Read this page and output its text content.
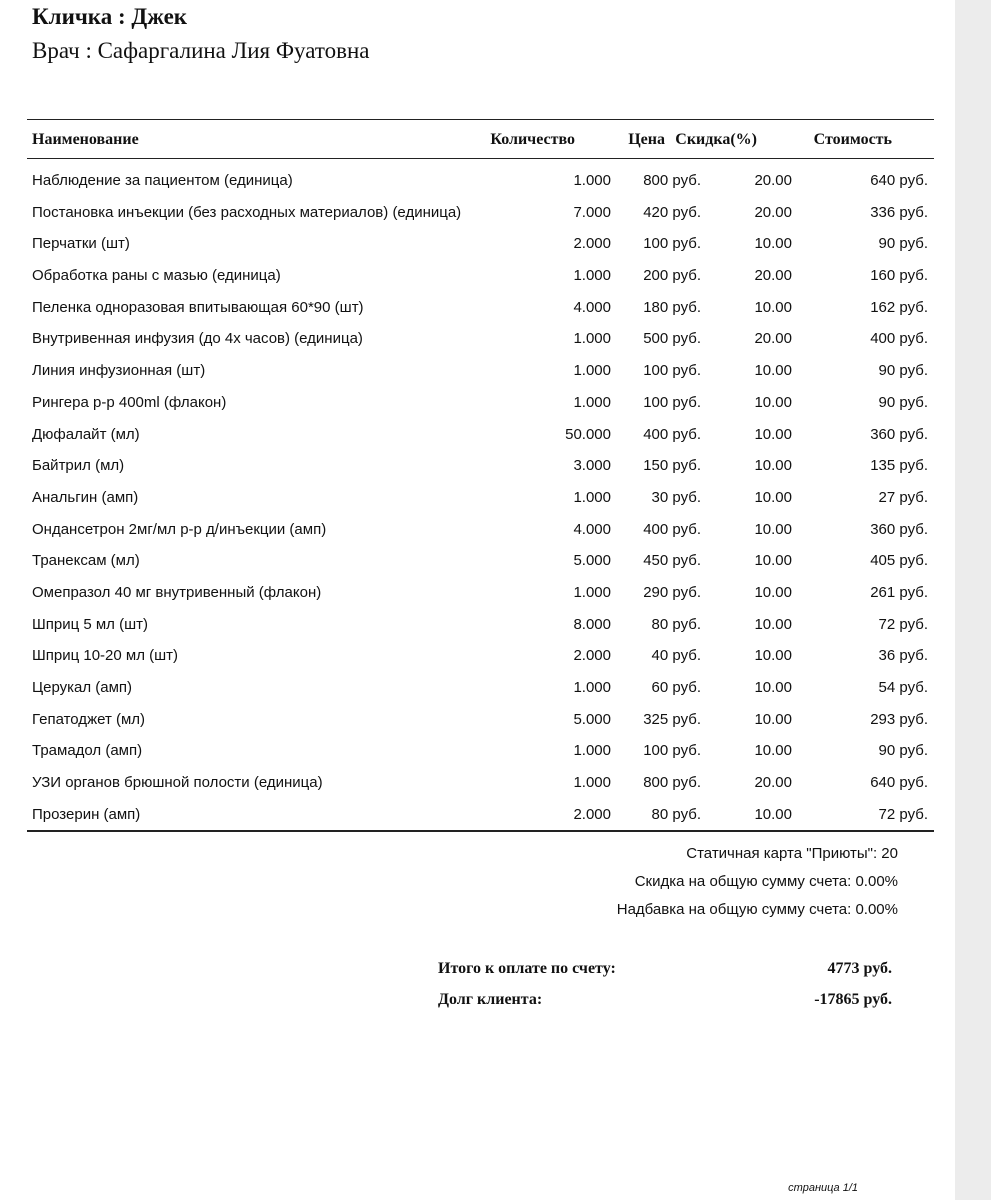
Кличка : Джек
Врач : Сафаргалина Лия Фуатовна
Наименование	Количество	Цена Скидка(%)	Стоимость
Наблюдение за пациентом (единица)	1.000 800 руб.	20.00	640 руб.
Постановка инъекции (без расходных материалов) (единица)	7.000 420 руб.	20.00	336 руб.
Перчатки (шт)	2.000 100 руб.	10.00	90 руб.
Обработка раны с мазью (единица)	1.000 200 руб.	20.00	160 руб.
Пеленка одноразовая впитывающая 60*90 (шт)	4.000 180 руб.	10.00	162 руб.
Внутривенная инфузия (до 4х часов) (единица)	1.000 500 руб.	20.00	400 руб.
Линия инфузионная (шт)	1.000 100 руб.	10.00	90 руб.
Рингера р-р 400ml (флакон)	1.000 100 руб.	10.00	90 руб.
Дюфалайт (мл)	50.000 400 руб.	10.00	360 руб.
Байтрил (мл)	3.000 150 руб.	10.00	135 руб.
Анальгин (амп)	1.000	30 руб.	10.00	27 руб.
Ондансетрон 2мг/мл р-р д/инъекции (амп)	4.000 400 руб.	10.00	360 руб.
Транексам (мл)	5.000 450 руб.	10.00	405 руб.
Омепразол 40 мг внутривенный (флакон)	1.000 290 руб.	10.00	261 руб.
Шприц 5 мл (шт)	8.000	80 руб.	10.00	72 руб.
Шприц 10-20 мл (шт)	2.000	40 руб.	10.00	36 руб.
Церукал (амп)	1.000	60 руб.	10.00	54 руб.
Гепатоджет (мл)	5.000 325 руб.	10.00	293 руб.
Трамадол (амп)	1.000 100 руб.	10.00	90 руб.
УЗИ органов брюшной полости (единица)	1.000 800 руб.	20.00	640 руб.
Прозерин (амп)	2.000	80 руб.	10.00	72 руб.
Статичная карта "Приюты": 20
Скидка на общую сумму счета: 0.00%
Надбавка на общую сумму счета: 0.00%
Итого к оплате по счету:	4773 руб.
Долг клиента:	-17865 руб.
страница 1/1
